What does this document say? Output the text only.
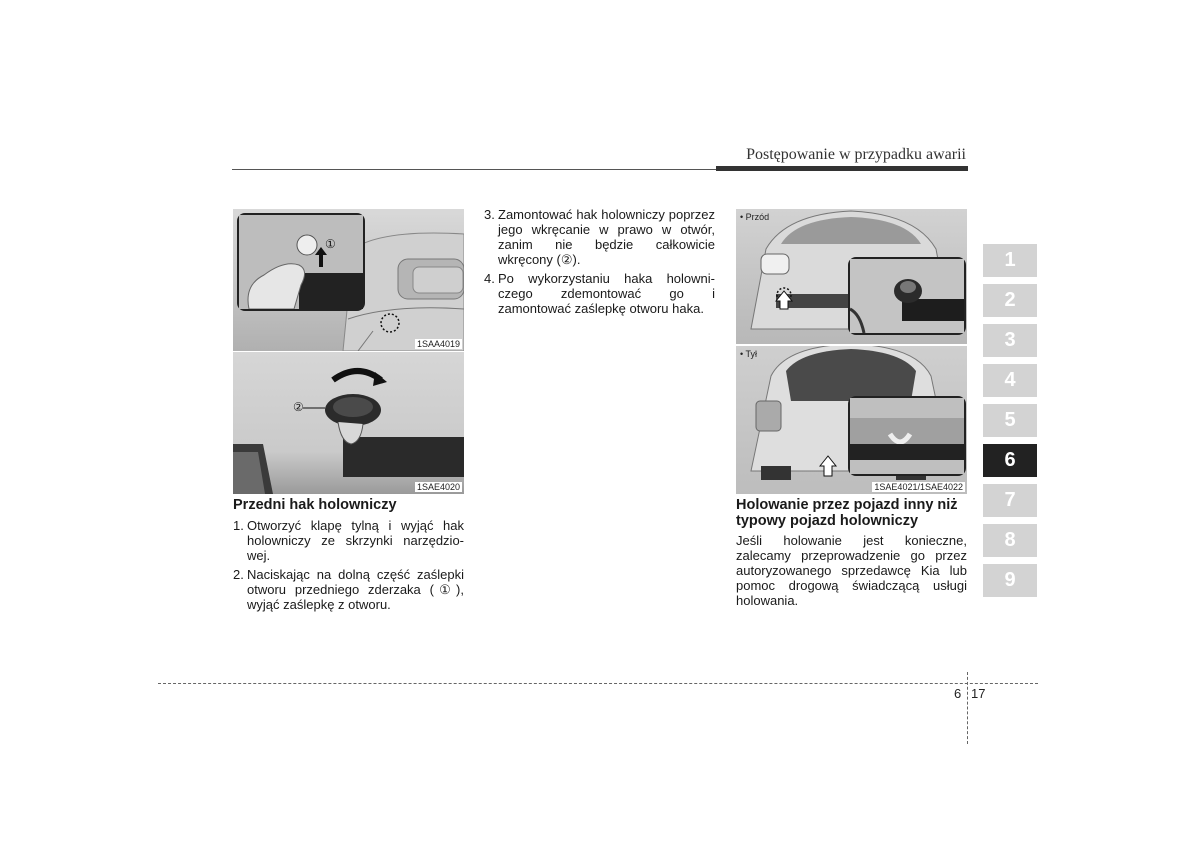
Postępowanie w przypadku awarii
①
1SAA4019
②
1SAE4020
Przedni hak holowniczy
1. Otworzyć klapę tylną i wyjąć hak holowniczy ze skrzynki narzędzio-wej.
2. Naciskając na dolną część zaślepki otworu przedniego zderzaka (①), wyjąć zaślepkę z otworu.
3. Zamontować hak holowniczy poprzez jego wkręcanie w prawo w otwór, zanim nie będzie całkowicie wkręcony (②).
4. Po wykorzystaniu haka holowni-czego zdemontować go i zamontować zaślepkę otworu haka.
• Przód
• Tył
1SAE4021/1SAE4022
Holowanie przez pojazd inny niż typowy pojazd holowniczy
Jeśli holowanie jest konieczne, zalecamy przeprowadzenie go przez autoryzowanego sprzedawcę Kia lub pomoc drogową świadczącą usługi holowania.
1
2
3
4
5
6
7
8
9
6 17
